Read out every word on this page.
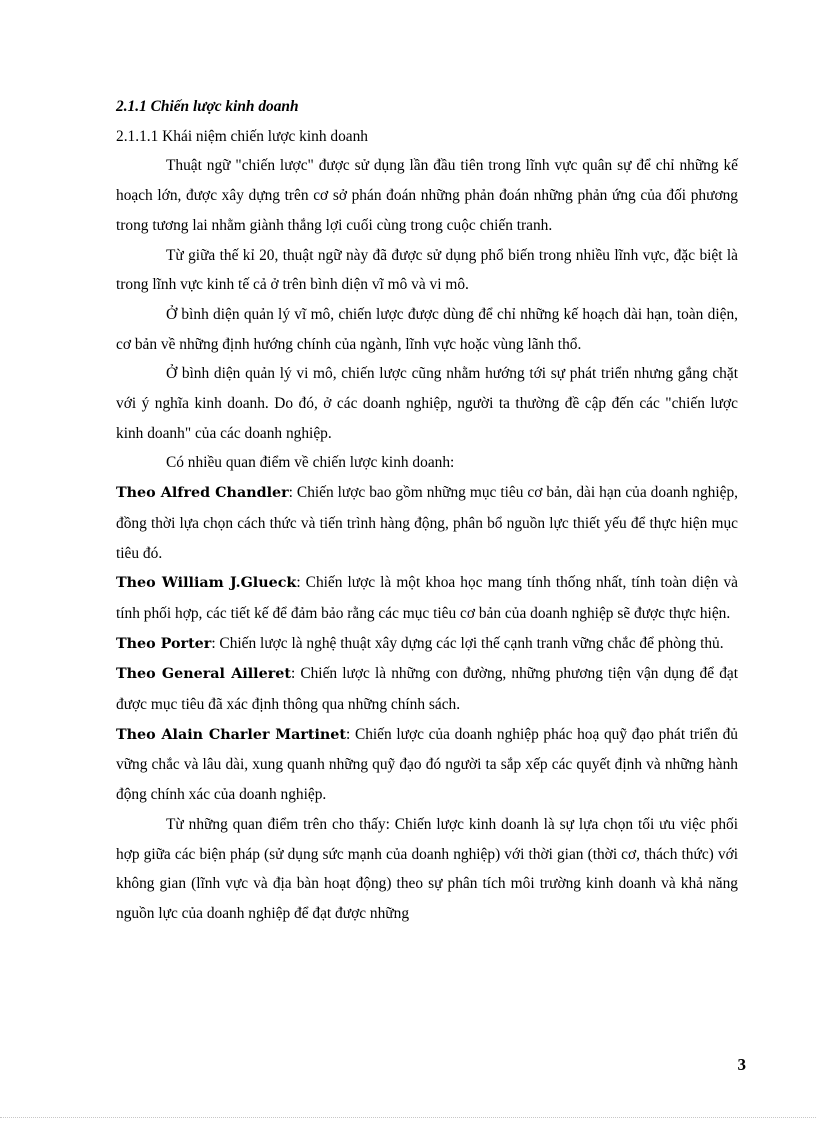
2.1.1 Chiến lược kinh doanh

2.1.1.1 Khái niệm chiến lược kinh doanh

Thuật ngữ "chiến lược" được sử dụng lần đầu tiên trong lĩnh vực quân sự để chỉ những kế hoạch lớn, được xây dựng trên cơ sở phán đoán những phản đoán những phản ứng của đối phương trong tương lai nhằm giành thắng lợi cuối cùng trong cuộc chiến tranh.

Từ giữa thế kỉ 20, thuật ngữ này đã được sử dụng phổ biến trong nhiều lĩnh vực, đặc biệt là trong lĩnh vực kinh tế cả ở trên bình diện vĩ mô và vi mô.

Ở bình diện quản lý vĩ mô, chiến lược được dùng để chỉ những kế hoạch dài hạn, toàn diện, cơ bản về những định hướng chính của ngành, lĩnh vực hoặc vùng lãnh thổ.

Ở bình diện quản lý vi mô, chiến lược cũng nhằm hướng tới sự phát triển nhưng gắng chặt với ý nghĩa kinh doanh. Do đó, ở các doanh nghiệp, người ta thường đề cập đến các "chiến lược kinh doanh" của các doanh nghiệp.

Có nhiều quan điểm về chiến lược kinh doanh:

Theo Alfred Chandler: Chiến lược bao gồm những mục tiêu cơ bản, dài hạn của doanh nghiệp, đồng thời lựa chọn cách thức và tiến trình hàng động, phân bổ nguồn lực thiết yếu để thực hiện mục tiêu đó.

Theo William J.Glueck: Chiến lược là một khoa học mang tính thống nhất, tính toàn diện và tính phối hợp, các tiết kế để đảm bảo rằng các mục tiêu cơ bản của doanh nghiệp sẽ được thực hiện.

Theo Porter: Chiến lược là nghệ thuật xây dựng các lợi thế cạnh tranh vững chắc để phòng thủ.

Theo General Ailleret: Chiến lược là những con đường, những phương tiện vận dụng để đạt được mục tiêu đã xác định thông qua những chính sách.

Theo Alain Charler Martinet: Chiến lược của doanh nghiệp phác hoạ quỹ đạo phát triển đủ vững chắc và lâu dài, xung quanh những quỹ đạo đó người ta sắp xếp các quyết định và những hành động chính xác của doanh nghiệp.

Từ những quan điểm trên cho thấy: Chiến lược kinh doanh là sự lựa chọn tối ưu việc phối hợp giữa các biện pháp (sử dụng sức mạnh của doanh nghiệp) với thời gian (thời cơ, thách thức) với không gian (lĩnh vực và địa bàn hoạt động) theo sự phân tích môi trường kinh doanh và khả năng nguồn lực của doanh nghiệp để đạt được những

3
